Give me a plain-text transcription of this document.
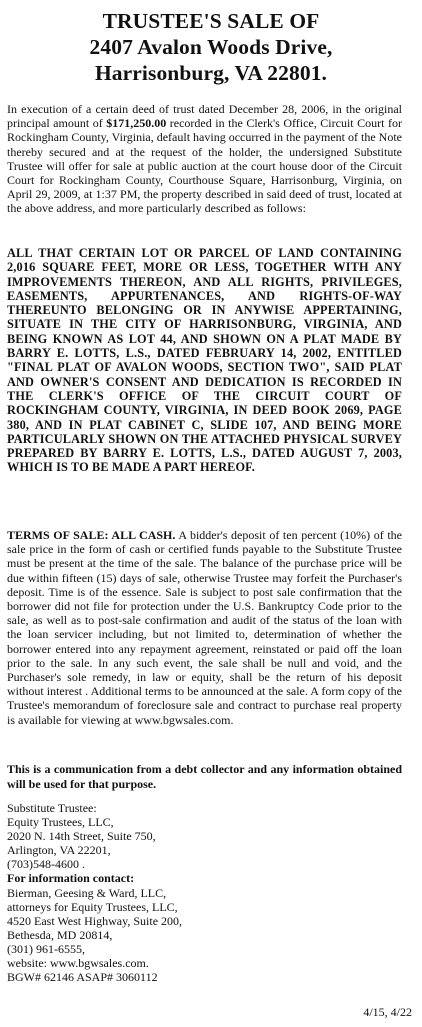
TRUSTEE'S SALE OF
2407 Avalon Woods Drive,
Harrisonburg, VA 22801.
In execution of a certain deed of trust dated December 28, 2006, in the original principal amount of $171,250.00 recorded in the Clerk's Office, Circuit Court for Rockingham County, Virginia, default having occurred in the payment of the Note thereby secured and at the request of the holder, the undersigned Substitute Trustee will offer for sale at public auction at the court house door of the Circuit Court for Rockingham County, Courthouse Square, Harrisonburg, Virginia, on April 29, 2009, at 1:37 PM, the property described in said deed of trust, located at the above address, and more particularly described as follows:
ALL THAT CERTAIN LOT OR PARCEL OF LAND CONTAINING 2,016 SQUARE FEET, MORE OR LESS, TOGETHER WITH ANY IMPROVEMENTS THEREON, AND ALL RIGHTS, PRIVILEGES, EASEMENTS, APPURTENANCES, AND RIGHTS-OF-WAY THEREUNTO BELONGING OR IN ANYWISE APPERTAINING, SITUATE IN THE CITY OF HARRISONBURG, VIRGINIA, AND BEING KNOWN AS LOT 44, AND SHOWN ON A PLAT MADE BY BARRY E. LOTTS, L.S., DATED FEBRUARY 14, 2002, ENTITLED "FINAL PLAT OF AVALON WOODS, SECTION TWO", SAID PLAT AND OWNER'S CONSENT AND DEDICATION IS RECORDED IN THE CLERK'S OFFICE OF THE CIRCUIT COURT OF ROCKINGHAM COUNTY, VIRGINIA, IN DEED BOOK 2069, PAGE 380, AND IN PLAT CABINET C, SLIDE 107, AND BEING MORE PARTICULARLY SHOWN ON THE ATTACHED PHYSICAL SURVEY PREPARED BY BARRY E. LOTTS, L.S., DATED AUGUST 7, 2003, WHICH IS TO BE MADE A PART HEREOF.
TERMS OF SALE: ALL CASH. A bidder's deposit of ten percent (10%) of the sale price in the form of cash or certified funds payable to the Substitute Trustee must be present at the time of the sale. The balance of the purchase price will be due within fifteen (15) days of sale, otherwise Trustee may forfeit the Purchaser's deposit. Time is of the essence. Sale is subject to post sale confirmation that the borrower did not file for protection under the U.S. Bankruptcy Code prior to the sale, as well as to post-sale confirmation and audit of the status of the loan with the loan servicer including, but not limited to, determination of whether the borrower entered into any repayment agreement, reinstated or paid off the loan prior to the sale. In any such event, the sale shall be null and void, and the Purchaser's sole remedy, in law or equity, shall be the return of his deposit without interest . Additional terms to be announced at the sale. A form copy of the Trustee's memorandum of foreclosure sale and contract to purchase real property is available for viewing at www.bgwsales.com.
This is a communication from a debt collector and any information obtained will be used for that purpose.
Substitute Trustee:
Equity Trustees, LLC,
2020 N. 14th Street, Suite 750,
Arlington, VA 22201,
(703)548-4600 .
For information contact:
Bierman, Geesing & Ward, LLC,
attorneys for Equity Trustees, LLC,
4520 East West Highway, Suite 200,
Bethesda, MD 20814,
(301) 961-6555,
website: www.bgwsales.com.
BGW# 62146 ASAP# 3060112
4/15, 4/22
